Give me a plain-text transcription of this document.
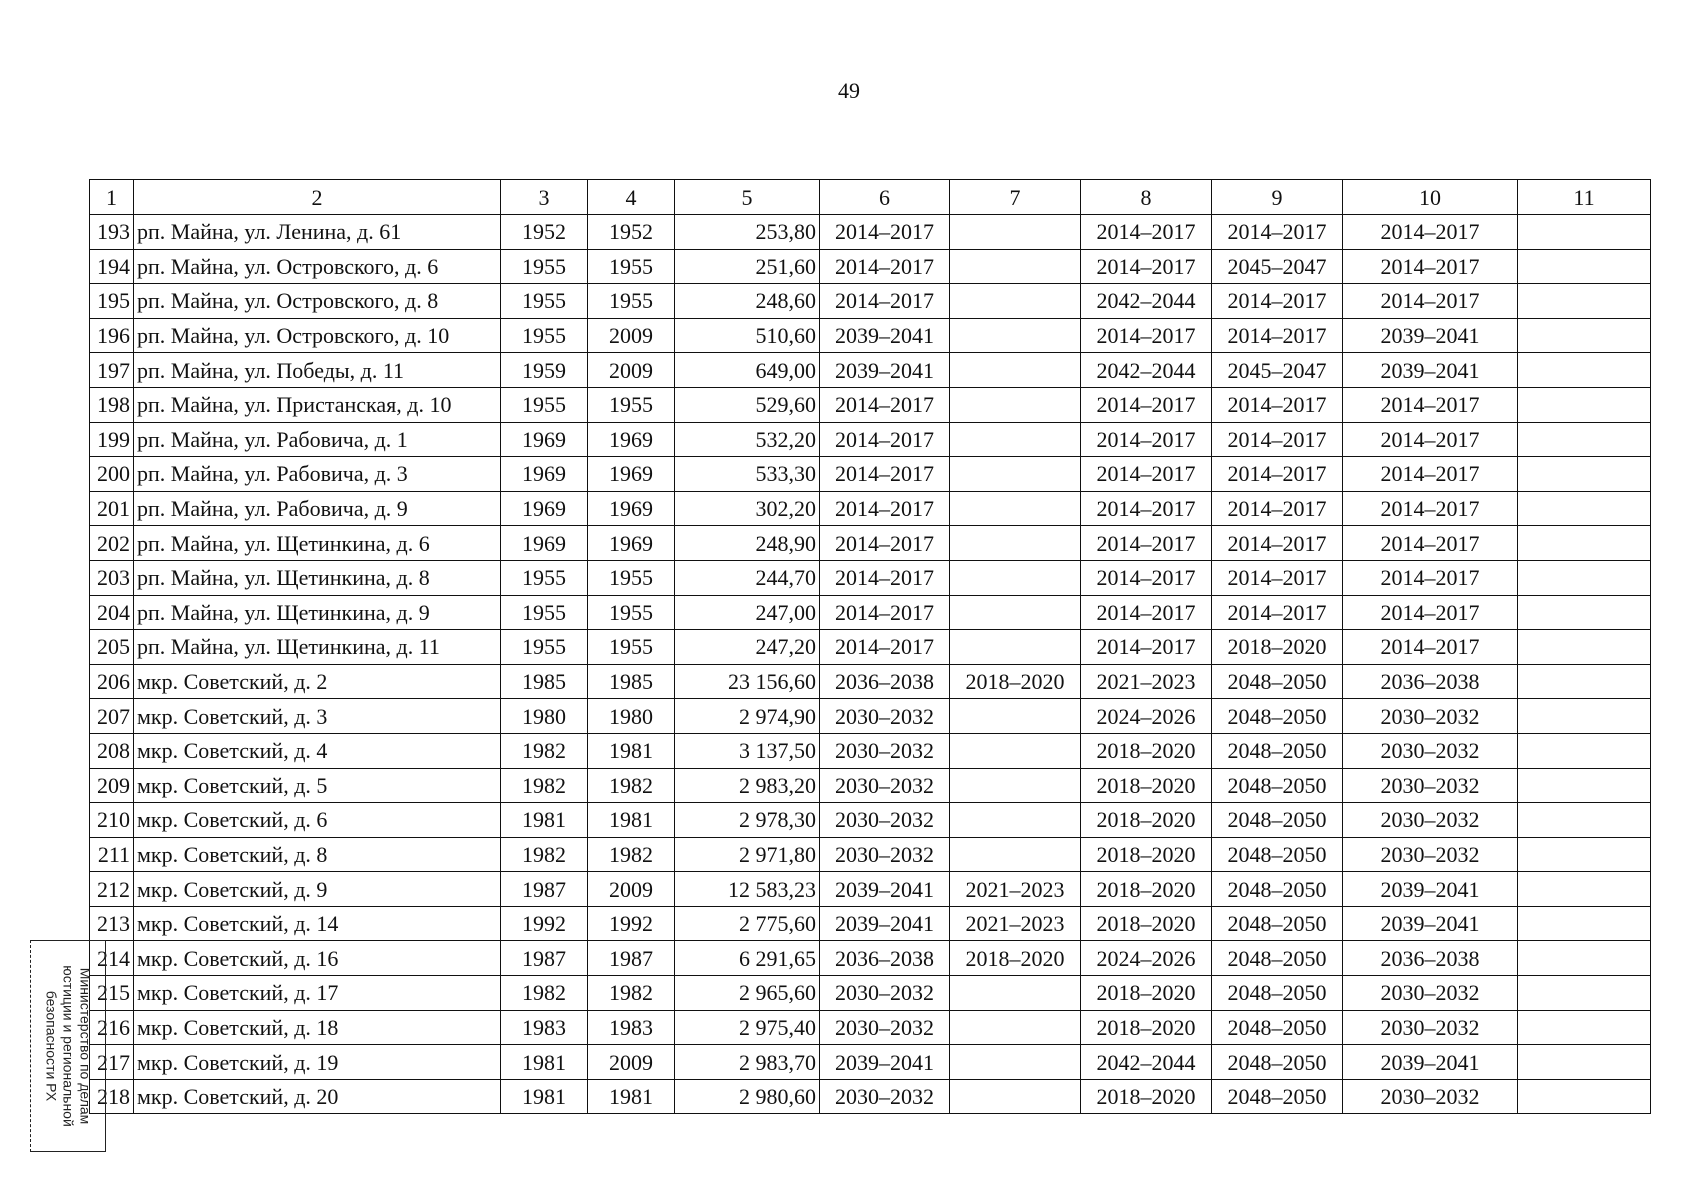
49
1	2	3	4	5	6	7	8	9	10	11
193	рп. Майна, ул. Ленина, д. 61	1952	1952	253,80	2014–2017		2014–2017	2014–2017	2014–2017	
194	рп. Майна, ул. Островского, д. 6	1955	1955	251,60	2014–2017		2014–2017	2045–2047	2014–2017	
195	рп. Майна, ул. Островского, д. 8	1955	1955	248,60	2014–2017		2042–2044	2014–2017	2014–2017	
196	рп. Майна, ул. Островского, д. 10	1955	2009	510,60	2039–2041		2014–2017	2014–2017	2039–2041	
197	рп. Майна, ул. Победы, д. 11	1959	2009	649,00	2039–2041		2042–2044	2045–2047	2039–2041	
198	рп. Майна, ул. Пристанская, д. 10	1955	1955	529,60	2014–2017		2014–2017	2014–2017	2014–2017	
199	рп. Майна, ул. Рабовича, д. 1	1969	1969	532,20	2014–2017		2014–2017	2014–2017	2014–2017	
200	рп. Майна, ул. Рабовича, д. 3	1969	1969	533,30	2014–2017		2014–2017	2014–2017	2014–2017	
201	рп. Майна, ул. Рабовича, д. 9	1969	1969	302,20	2014–2017		2014–2017	2014–2017	2014–2017	
202	рп. Майна, ул. Щетинкина, д. 6	1969	1969	248,90	2014–2017		2014–2017	2014–2017	2014–2017	
203	рп. Майна, ул. Щетинкина, д. 8	1955	1955	244,70	2014–2017		2014–2017	2014–2017	2014–2017	
204	рп. Майна, ул. Щетинкина, д. 9	1955	1955	247,00	2014–2017		2014–2017	2014–2017	2014–2017	
205	рп. Майна, ул. Щетинкина, д. 11	1955	1955	247,20	2014–2017		2014–2017	2018–2020	2014–2017	
206	мкр. Советский, д. 2	1985	1985	23 156,60	2036–2038	2018–2020	2021–2023	2048–2050	2036–2038	
207	мкр. Советский, д. 3	1980	1980	2 974,90	2030–2032		2024–2026	2048–2050	2030–2032	
208	мкр. Советский, д. 4	1982	1981	3 137,50	2030–2032		2018–2020	2048–2050	2030–2032	
209	мкр. Советский, д. 5	1982	1982	2 983,20	2030–2032		2018–2020	2048–2050	2030–2032	
210	мкр. Советский, д. 6	1981	1981	2 978,30	2030–2032		2018–2020	2048–2050	2030–2032	
211	мкр. Советский, д. 8	1982	1982	2 971,80	2030–2032		2018–2020	2048–2050	2030–2032	
212	мкр. Советский, д. 9	1987	2009	12 583,23	2039–2041	2021–2023	2018–2020	2048–2050	2039–2041	
213	мкр. Советский, д. 14	1992	1992	2 775,60	2039–2041	2021–2023	2018–2020	2048–2050	2039–2041	
214	мкр. Советский, д. 16	1987	1987	6 291,65	2036–2038	2018–2020	2024–2026	2048–2050	2036–2038	
215	мкр. Советский, д. 17	1982	1982	2 965,60	2030–2032		2018–2020	2048–2050	2030–2032	
216	мкр. Советский, д. 18	1983	1983	2 975,40	2030–2032		2018–2020	2048–2050	2030–2032	
217	мкр. Советский, д. 19	1981	2009	2 983,70	2039–2041		2042–2044	2048–2050	2039–2041	
218	мкр. Советский, д. 20	1981	1981	2 980,60	2030–2032		2018–2020	2048–2050	2030–2032	
Министерство по делам
юстиции и региональной
безопасности РХ
